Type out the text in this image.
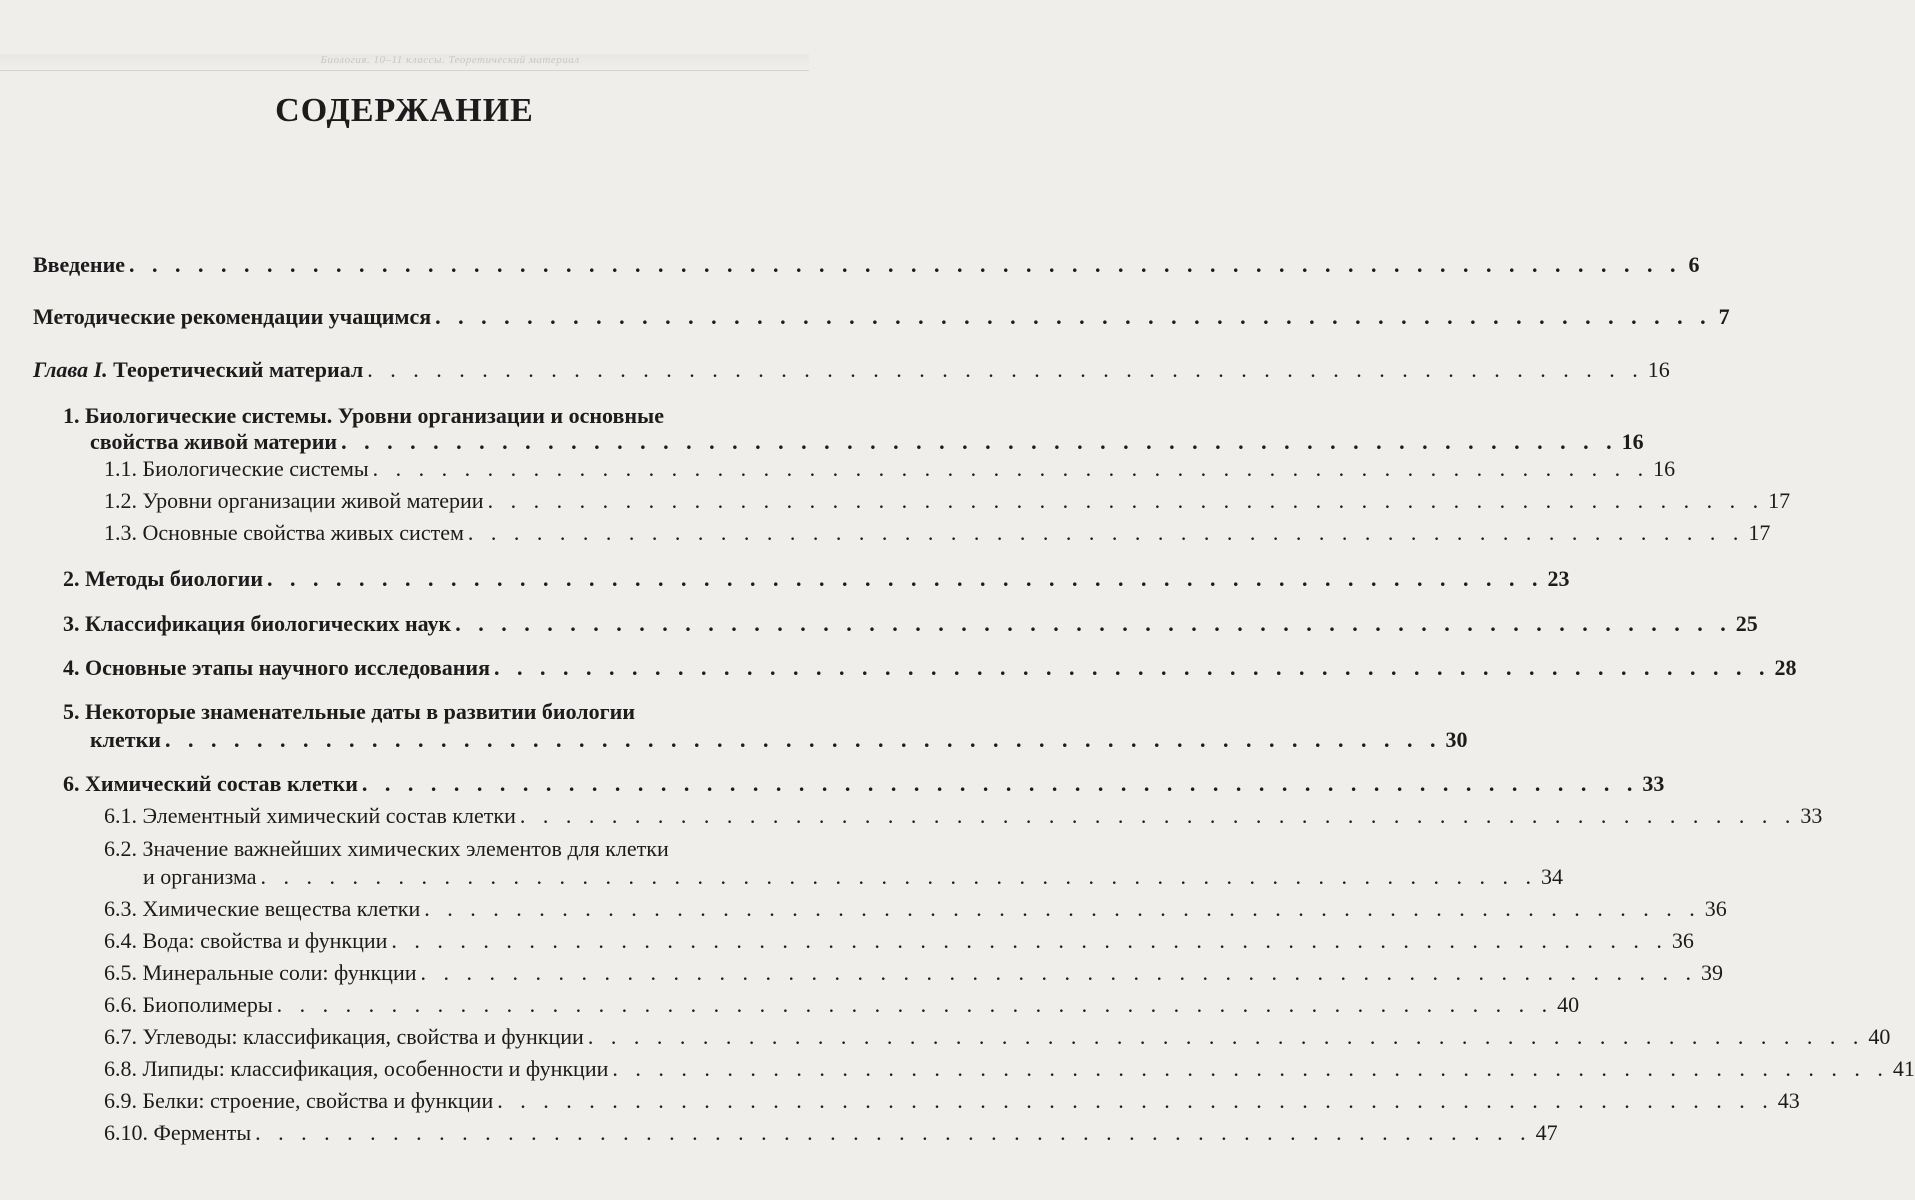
Биология. 10–11 классы. Теоретический материал
СОДЕРЖАНИЕ
Введение . . . . . . . . . . . . . . . . . . . . . . . . . . . . . . . . . . . . . . . . . . . . . . . . . . . . . . . . . . . . . . . . . . . . 6
Методические рекомендации учащимся . . . . . . . . . . . . . . . . . . . . . . . . . . . . . . . . . . . . . . . . . . . . . . . . . . . . . . . . 7
Глава I. Теоретический материал . . . . . . . . . . . . . . . . . . . . . . . . . . . . . . . . . . . . . . . . . . . . . . . . . . . . . . . . 16
1. Биологические системы. Уровни организации и основные
свойства живой материи . . . . . . . . . . . . . . . . . . . . . . . . . . . . . . . . . . . . . . . . . . . . . . . . . . . . . . . . 16
1.1. Биологические системы . . . . . . . . . . . . . . . . . . . . . . . . . . . . . . . . . . . . . . . . . . . . . . . . . . . . . . . . 16
1.2. Уровни организации живой материи . . . . . . . . . . . . . . . . . . . . . . . . . . . . . . . . . . . . . . . . . . . . . . . . . . . . . . . . 17
1.3. Основные свойства живых систем . . . . . . . . . . . . . . . . . . . . . . . . . . . . . . . . . . . . . . . . . . . . . . . . . . . . . . . . 17
2. Методы биологии . . . . . . . . . . . . . . . . . . . . . . . . . . . . . . . . . . . . . . . . . . . . . . . . . . . . . . . . 23
3. Классификация биологических наук . . . . . . . . . . . . . . . . . . . . . . . . . . . . . . . . . . . . . . . . . . . . . . . . . . . . . . . . 25
4. Основные этапы научного исследования . . . . . . . . . . . . . . . . . . . . . . . . . . . . . . . . . . . . . . . . . . . . . . . . . . . . . . . . 28
5. Некоторые знаменательные даты в развитии биологии
клетки . . . . . . . . . . . . . . . . . . . . . . . . . . . . . . . . . . . . . . . . . . . . . . . . . . . . . . . . 30
6. Химический состав клетки . . . . . . . . . . . . . . . . . . . . . . . . . . . . . . . . . . . . . . . . . . . . . . . . . . . . . . . . 33
6.1. Элементный химический состав клетки . . . . . . . . . . . . . . . . . . . . . . . . . . . . . . . . . . . . . . . . . . . . . . . . . . . . . . . . 33
6.2. Значение важнейших химических элементов для клетки
и организма . . . . . . . . . . . . . . . . . . . . . . . . . . . . . . . . . . . . . . . . . . . . . . . . . . . . . . . . 34
6.3. Химические вещества клетки . . . . . . . . . . . . . . . . . . . . . . . . . . . . . . . . . . . . . . . . . . . . . . . . . . . . . . . . 36
6.4. Вода: свойства и функции . . . . . . . . . . . . . . . . . . . . . . . . . . . . . . . . . . . . . . . . . . . . . . . . . . . . . . . . 36
6.5. Минеральные соли: функции . . . . . . . . . . . . . . . . . . . . . . . . . . . . . . . . . . . . . . . . . . . . . . . . . . . . . . . . 39
6.6. Биополимеры . . . . . . . . . . . . . . . . . . . . . . . . . . . . . . . . . . . . . . . . . . . . . . . . . . . . . . . . 40
6.7. Углеводы: классификация, свойства и функции . . . . . . . . . . . . . . . . . . . . . . . . . . . . . . . . . . . . . . . . . . . . . . . . . . . . . . . . 40
6.8. Липиды: классификация, особенности и функции . . . . . . . . . . . . . . . . . . . . . . . . . . . . . . . . . . . . . . . . . . . . . . . . . . . . . . . . 41
6.9. Белки: строение, свойства и функции . . . . . . . . . . . . . . . . . . . . . . . . . . . . . . . . . . . . . . . . . . . . . . . . . . . . . . . . 43
6.10. Ферменты . . . . . . . . . . . . . . . . . . . . . . . . . . . . . . . . . . . . . . . . . . . . . . . . . . . . . . . . 47
